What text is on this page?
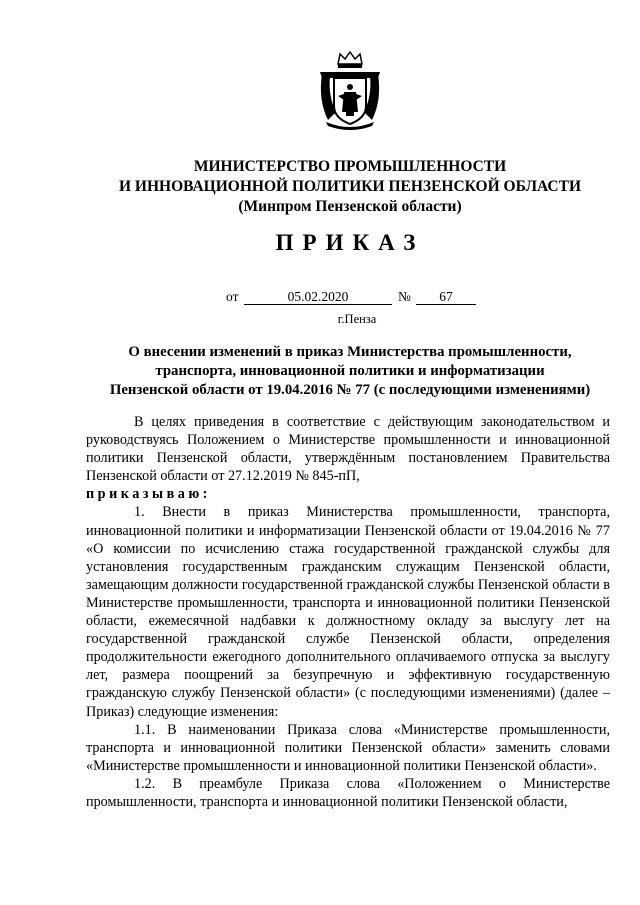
МИНИСТЕРСТВО ПРОМЫШЛЕННОСТИ
И ИННОВАЦИОННОЙ ПОЛИТИКИ ПЕНЗЕНСКОЙ ОБЛАСТИ
(Минпром Пензенской области)
ПРИКАЗ
от	05.02.2020	№	67
г.Пенза
О внесении изменений в приказ Министерства промышленности,
транспорта, инновационной политики и информатизации
Пензенской области от 19.04.2016 № 77 (с последующими изменениями)

В целях приведения в соответствие с действующим законодательством и руководствуясь Положением о Министерстве промышленности и инновационной политики Пензенской области, утверждённым постановлением Правительства Пензенской области от 27.12.2019 № 845-пП,

приказываю:

1. Внести в приказ Министерства промышленности, транспорта, инновационной политики и информатизации Пензенской области от 19.04.2016 № 77 «О комиссии по исчислению стажа государственной гражданской службы для установления государственным гражданским служащим Пензенской области, замещающим должности государственной гражданской службы Пензенской области в Министерстве промышленности, транспорта и инновационной политики Пензенской области, ежемесячной надбавки к должностному окладу за выслугу лет на государственной гражданской службе Пензенской области, определения продолжительности ежегодного дополнительного оплачиваемого отпуска за выслугу лет, размера поощрений за безупречную и эффективную государственную гражданскую службу Пензенской области» (с последующими изменениями) (далее – Приказ) следующие изменения:

1.1. В наименовании Приказа слова «Министерстве промышленности, транспорта и инновационной политики Пензенской области» заменить словами «Министерстве промышленности и инновационной политики Пензенской области».

1.2. В преамбуле Приказа слова «Положением о Министерстве промышленности, транспорта и инновационной политики Пензенской области,
